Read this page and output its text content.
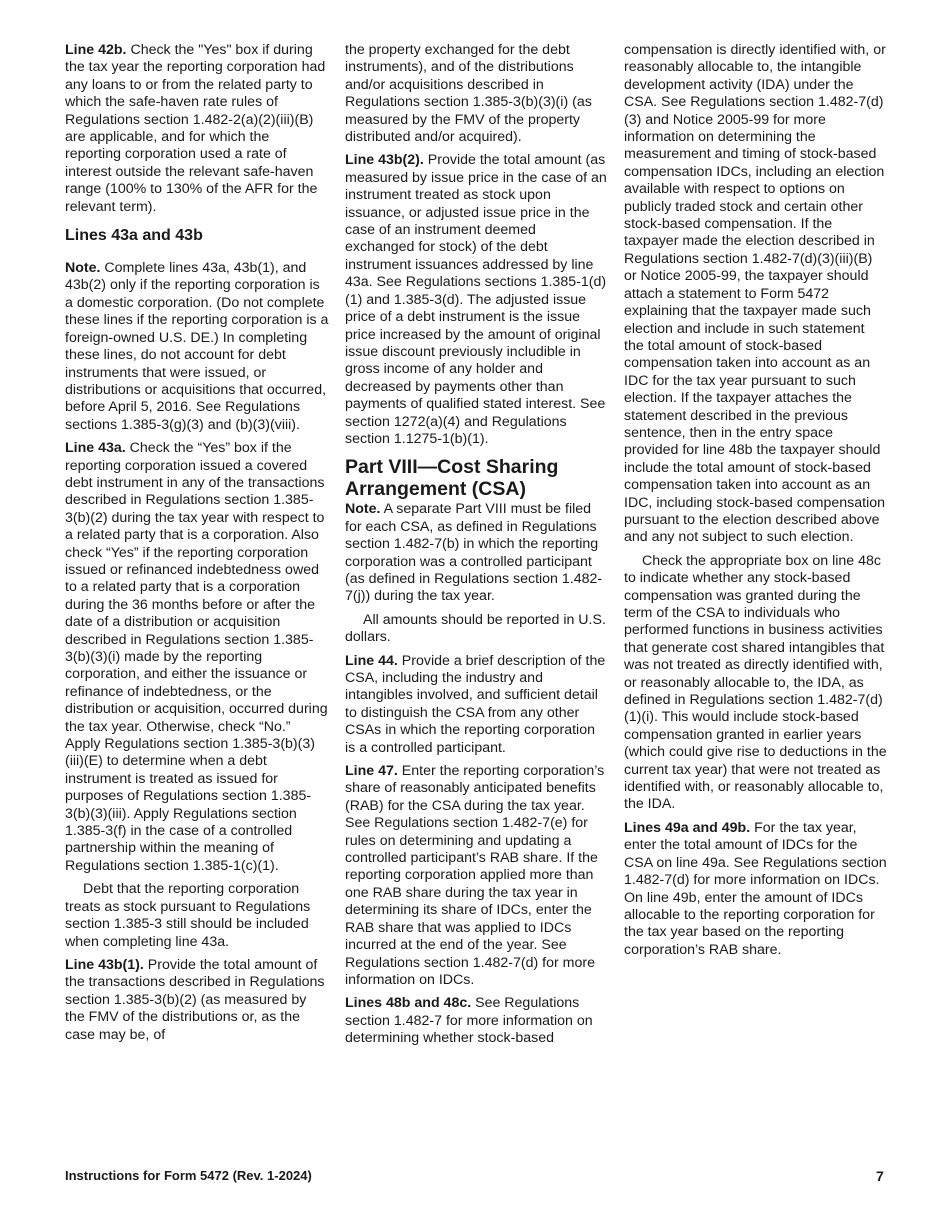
Line 42b. Check the "Yes" box if during the tax year the reporting corporation had any loans to or from the related party to which the safe-haven rate rules of Regulations section 1.482-2(a)(2)(iii)(B) are applicable, and for which the reporting corporation used a rate of interest outside the relevant safe-haven range (100% to 130% of the AFR for the relevant term).

Lines 43a and 43b

Note. Complete lines 43a, 43b(1), and 43b(2) only if the reporting corporation is a domestic corporation. (Do not complete these lines if the reporting corporation is a foreign-owned U.S. DE.) In completing these lines, do not account for debt instruments that were issued, or distributions or acquisitions that occurred, before April 5, 2016. See Regulations sections 1.385-3(g)(3) and (b)(3)(viii).

Line 43a. Check the “Yes” box if the reporting corporation issued a covered debt instrument in any of the transactions described in Regulations section 1.385-3(b)(2) during the tax year with respect to a related party that is a corporation. Also check “Yes” if the reporting corporation issued or refinanced indebtedness owed to a related party that is a corporation during the 36 months before or after the date of a distribution or acquisition described in Regulations section 1.385-3(b)(3)(i) made by the reporting corporation, and either the issuance or refinance of indebtedness, or the distribution or acquisition, occurred during the tax year. Otherwise, check “No.” Apply Regulations section 1.385-3(b)(3)(iii)(E) to determine when a debt instrument is treated as issued for purposes of Regulations section 1.385-3(b)(3)(iii). Apply Regulations section 1.385-3(f) in the case of a controlled partnership within the meaning of Regulations section 1.385-1(c)(1).

Debt that the reporting corporation treats as stock pursuant to Regulations section 1.385-3 still should be included when completing line 43a.

Line 43b(1). Provide the total amount of the transactions described in Regulations section 1.385-3(b)(2) (as measured by the FMV of the distributions or, as the case may be, of

the property exchanged for the debt instruments), and of the distributions and/or acquisitions described in Regulations section 1.385-3(b)(3)(i) (as measured by the FMV of the property distributed and/or acquired).

Line 43b(2). Provide the total amount (as measured by issue price in the case of an instrument treated as stock upon issuance, or adjusted issue price in the case of an instrument deemed exchanged for stock) of the debt instrument issuances addressed by line 43a. See Regulations sections 1.385-1(d)(1) and 1.385-3(d). The adjusted issue price of a debt instrument is the issue price increased by the amount of original issue discount previously includible in gross income of any holder and decreased by payments other than payments of qualified stated interest. See section 1272(a)(4) and Regulations section 1.1275-1(b)(1).

Part VIII—Cost Sharing Arrangement (CSA)

Note. A separate Part VIII must be filed for each CSA, as defined in Regulations section 1.482-7(b) in which the reporting corporation was a controlled participant (as defined in Regulations section 1.482-7(j)) during the tax year.

All amounts should be reported in U.S. dollars.

Line 44. Provide a brief description of the CSA, including the industry and intangibles involved, and sufficient detail to distinguish the CSA from any other CSAs in which the reporting corporation is a controlled participant.

Line 47. Enter the reporting corporation’s share of reasonably anticipated benefits (RAB) for the CSA during the tax year. See Regulations section 1.482-7(e) for rules on determining and updating a controlled participant’s RAB share. If the reporting corporation applied more than one RAB share during the tax year in determining its share of IDCs, enter the RAB share that was applied to IDCs incurred at the end of the year. See Regulations section 1.482-7(d) for more information on IDCs.

Lines 48b and 48c. See Regulations section 1.482-7 for more information on determining whether stock-based

compensation is directly identified with, or reasonably allocable to, the intangible development activity (IDA) under the CSA. See Regulations section 1.482-7(d)(3) and Notice 2005-99 for more information on determining the measurement and timing of stock-based compensation IDCs, including an election available with respect to options on publicly traded stock and certain other stock-based compensation. If the taxpayer made the election described in Regulations section 1.482-7(d)(3)(iii)(B) or Notice 2005-99, the taxpayer should attach a statement to Form 5472 explaining that the taxpayer made such election and include in such statement the total amount of stock-based compensation taken into account as an IDC for the tax year pursuant to such election. If the taxpayer attaches the statement described in the previous sentence, then in the entry space provided for line 48b the taxpayer should include the total amount of stock-based compensation taken into account as an IDC, including stock-based compensation pursuant to the election described above and any not subject to such election.

Check the appropriate box on line 48c to indicate whether any stock-based compensation was granted during the term of the CSA to individuals who performed functions in business activities that generate cost shared intangibles that was not treated as directly identified with, or reasonably allocable to, the IDA, as defined in Regulations section 1.482-7(d)(1)(i). This would include stock-based compensation granted in earlier years (which could give rise to deductions in the current tax year) that were not treated as identified with, or reasonably allocable to, the IDA.

Lines 49a and 49b. For the tax year, enter the total amount of IDCs for the CSA on line 49a. See Regulations section 1.482-7(d) for more information on IDCs. On line 49b, enter the amount of IDCs allocable to the reporting corporation for the tax year based on the reporting corporation’s RAB share.

Instructions for Form 5472 (Rev. 1-2024)	7
